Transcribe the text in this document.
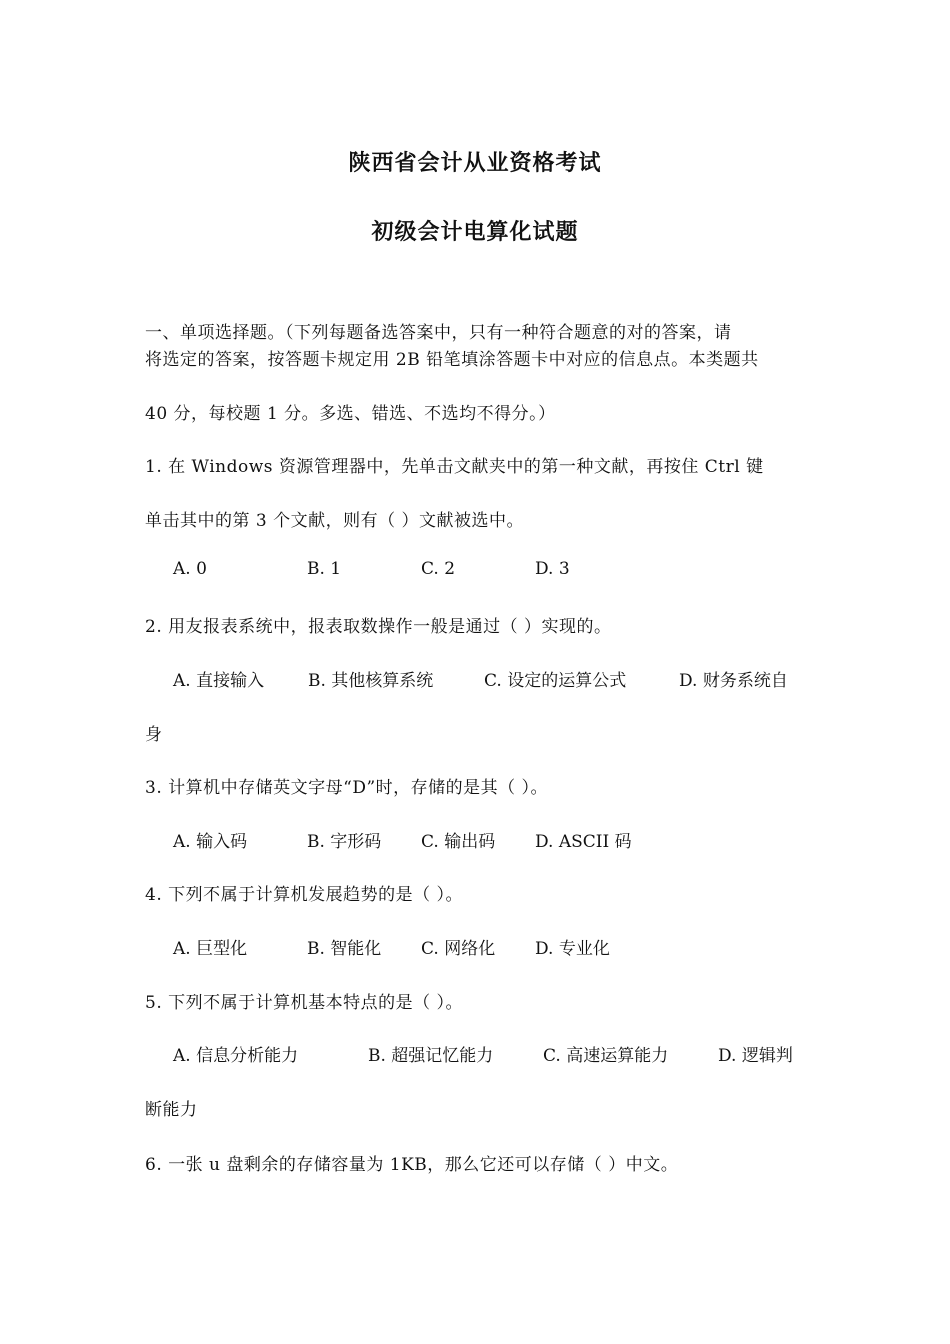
陕西省会计从业资格考试
初级会计电算化试题
一、单项选择题。（下列每题备选答案中，只有一种符合题意的对的答案，请
将选定的答案，按答题卡规定用 2B 铅笔填涂答题卡中对应的信息点。本类题共
40 分，每校题 1 分。多选、错选、不选均不得分。）
1. 在 Windows 资源管理器中，先单击文献夹中的第一种文献，再按住 Ctrl 键
单击其中的第 3 个文献，则有（ ）文献被选中。
A. 0	B. 1	C. 2	D. 3
2. 用友报表系统中，报表取数操作一般是通过（ ）实现的。
A. 直接输入	B. 其他核算系统	C. 设定的运算公式	D. 财务系统自
身
3. 计算机中存储英文字母“D”时，存储的是其（ ）。
A. 输入码	B. 字形码 C. 输出码 D. ASCII 码
4. 下列不属于计算机发展趋势的是（ ）。
A. 巨型化	B. 智能化 C. 网络化 D. 专业化
5. 下列不属于计算机基本特点的是（ ）。
A. 信息分析能力	B. 超强记忆能力	C. 高速运算能力	D. 逻辑判
断能力
6. 一张 u 盘剩余的存储容量为 1KB，那么它还可以存储（ ）中文。
